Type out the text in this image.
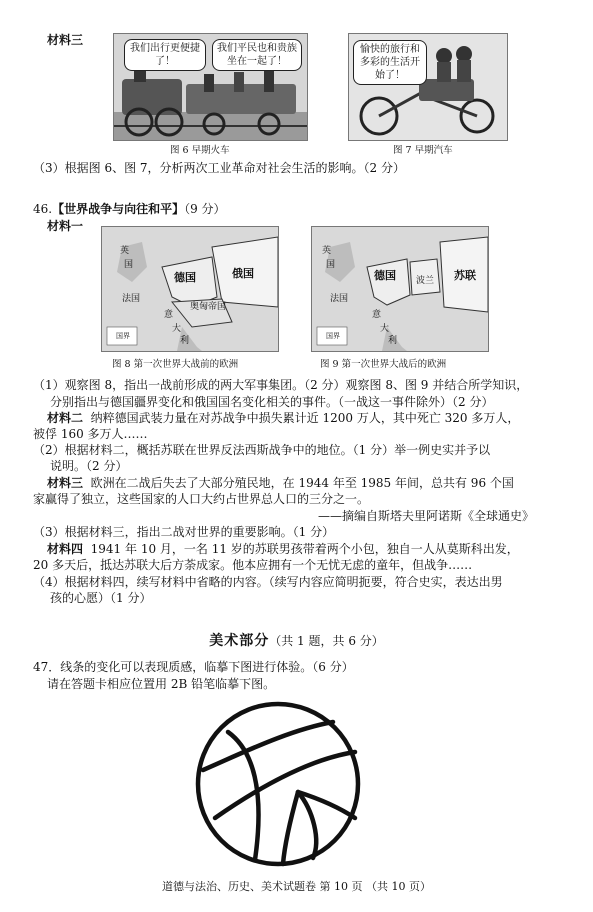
材料三
我们出行更便捷了！
我们平民也和贵族坐在一起了！
图 6 早期火车
愉快的旅行和多彩的生活开始了！
图 7 早期汽车
（3）根据图 6、图 7，分析两次工业革命对社会生活的影响。（2 分）
46.【世界战争与向往和平】（9 分）
材料一
英
国
法国
德国	俄国
奥匈帝国
意
大
利
国界
图 8 第一次世界大战前的欧洲
英
国
法国
德国 波兰 苏联
意
大
利
国界
图 9 第一次世界大战后的欧洲
（1）观察图 8，指出一战前形成的两大军事集团。（2 分）观察图 8、图 9 并结合所学知识，
分别指出与德国疆界变化和俄国国名变化相关的事件。（一战这一事件除外）（2 分）
材料二 纳粹德国武装力量在对苏战争中损失累计近 1200 万人，其中死亡 320 多万人，
被俘 160 多万人……
（2）根据材料二，概括苏联在世界反法西斯战争中的地位。（1 分）举一例史实并予以
说明。（2 分）
材料三 欧洲在二战后失去了大部分殖民地，在 1944 年至 1985 年间，总共有 96 个国
家赢得了独立，这些国家的人口大约占世界总人口的三分之一。
——摘编自斯塔夫里阿诺斯《全球通史》
（3）根据材料三，指出二战对世界的重要影响。（1 分）
材料四 1941 年 10 月，一名 11 岁的苏联男孩带着两个小包，独自一人从莫斯科出发，
20 多天后，抵达苏联大后方荼成家。他本应拥有一个无忧无虑的童年，但战争……
（4）根据材料四，续写材料中省略的内容。（续写内容应简明扼要，符合史实，表达出男
孩的心愿）（1 分）
美术部分（共 1 题，共 6 分）
47．线条的变化可以表现质感，临摹下图进行体验。（6 分）
请在答题卡相应位置用 2B 铅笔临摹下图。
道德与法治、历史、美术试题卷 第 10 页 （共 10 页）
